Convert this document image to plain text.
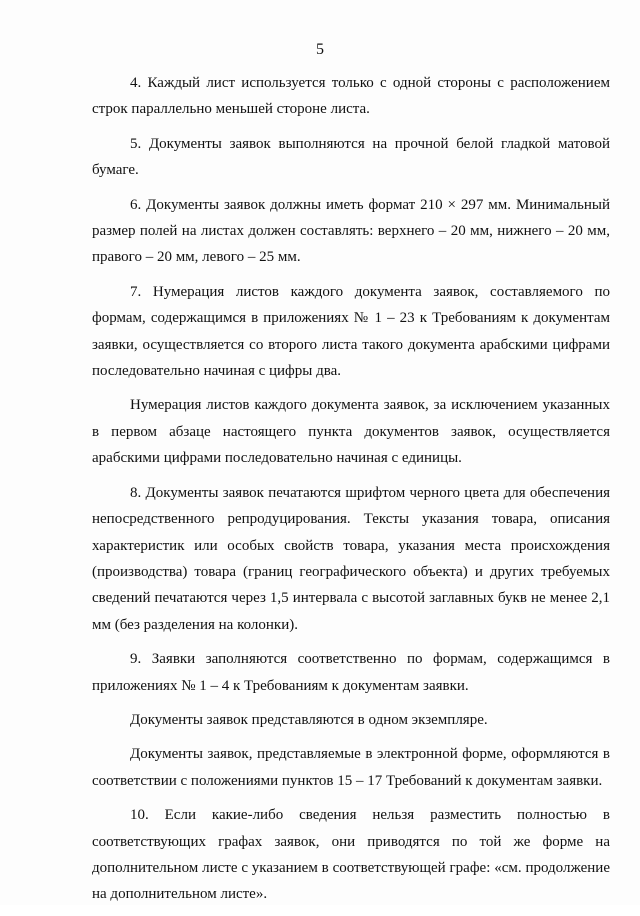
5

4. Каждый лист используется только с одной стороны с расположением строк параллельно меньшей стороне листа.

5. Документы заявок выполняются на прочной белой гладкой матовой бумаге.

6. Документы заявок должны иметь формат 210 × 297 мм. Минимальный размер полей на листах должен составлять: верхнего – 20 мм, нижнего – 20 мм, правого – 20 мм, левого – 25 мм.

7. Нумерация листов каждого документа заявок, составляемого по формам, содержащимся в приложениях № 1 – 23 к Требованиям к документам заявки, осуществляется со второго листа такого документа арабскими цифрами последовательно начиная с цифры два.

Нумерация листов каждого документа заявок, за исключением указанных в первом абзаце настоящего пункта документов заявок, осуществляется арабскими цифрами последовательно начиная с единицы.

8. Документы заявок печатаются шрифтом черного цвета для обеспечения непосредственного репродуцирования. Тексты указания товара, описания характеристик или особых свойств товара, указания места происхождения (производства) товара (границ географического объекта) и других требуемых сведений печатаются через 1,5 интервала с высотой заглавных букв не менее 2,1 мм (без разделения на колонки).

9. Заявки заполняются соответственно по формам, содержащимся в приложениях № 1 – 4 к Требованиям к документам заявки.

Документы заявок представляются в одном экземпляре.

Документы заявок, представляемые в электронной форме, оформляются в соответствии с положениями пунктов 15 – 17 Требований к документам заявки.

10. Если какие-либо сведения нельзя разместить полностью в соответствующих графах заявок, они приводятся по той же форме на дополнительном листе с указанием в соответствующей графе: «см. продолжение на дополнительном листе».
